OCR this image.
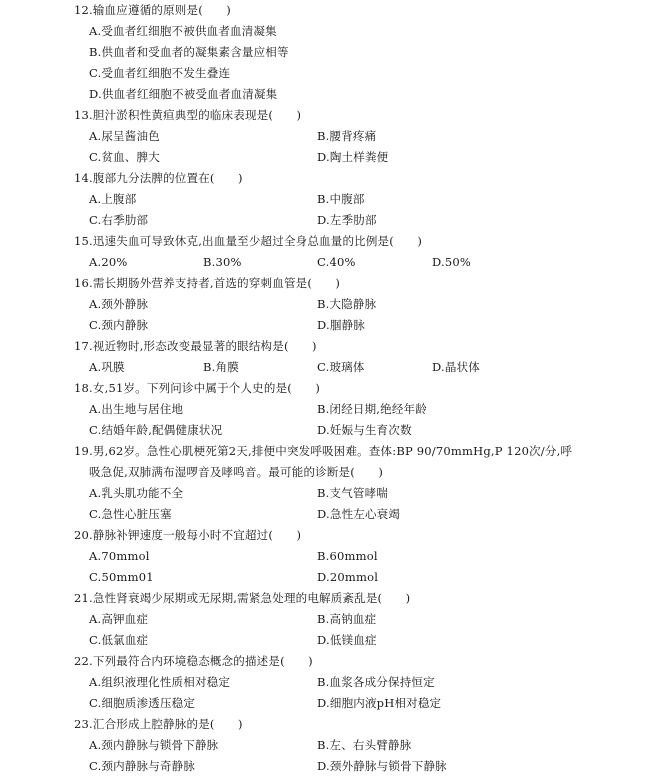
12.输血应遵循的原则是(　　)
A.受血者红细胞不被供血者血清凝集
B.供血者和受血者的凝集素含量应相等
C.受血者红细胞不发生叠连
D.供血者红细胞不被受血者血清凝集
13.胆汁淤积性黄疸典型的临床表现是(　　)
A.尿呈酱油色	B.腰背疼痛
C.贫血、脾大	D.陶土样粪便
14.腹部九分法脾的位置在(　　)
A.上腹部	B.中腹部
C.右季肋部	D.左季肋部
15.迅速失血可导致休克,出血量至少超过全身总血量的比例是(　　)
A.20%	B.30%	C.40%	D.50%
16.需长期肠外营养支持者,首选的穿刺血管是(　　)
A.颈外静脉	B.大隐静脉
C.颈内静脉	D.腘静脉
17.视近物时,形态改变最显著的眼结构是(　　)
A.巩膜	B.角膜	C.玻璃体	D.晶状体
18.女,51岁。下列问诊中属于个人史的是(　　)
A.出生地与居住地	B.闭经日期,绝经年龄
C.结婚年龄,配偶健康状况	D.妊娠与生育次数
19.男,62岁。急性心肌梗死第2天,排便中突发呼吸困难。查体:BP 90/70mmHg,P 120次/分,呼
吸急促,双肺满布湿啰音及哮鸣音。最可能的诊断是(　　)
A.乳头肌功能不全	B.支气管哮喘
C.急性心脏压塞	D.急性左心衰竭
20.静脉补钾速度一般每小时不宜超过(　　)
A.70mmol	B.60mmol
C.50mm01	D.20mmol
21.急性肾衰竭少尿期或无尿期,需紧急处理的电解质紊乱是(　　)
A.高钾血症	B.高钠血症
C.低氯血症	D.低镁血症
22.下列最符合内环境稳态概念的描述是(　　)
A.组织液理化性质相对稳定	B.血浆各成分保持恒定
C.细胞质渗透压稳定	D.细胞内液pH相对稳定
23.汇合形成上腔静脉的是(　　)
A.颈内静脉与锁骨下静脉	B.左、右头臂静脉
C.颈内静脉与奇静脉	D.颈外静脉与锁骨下静脉
